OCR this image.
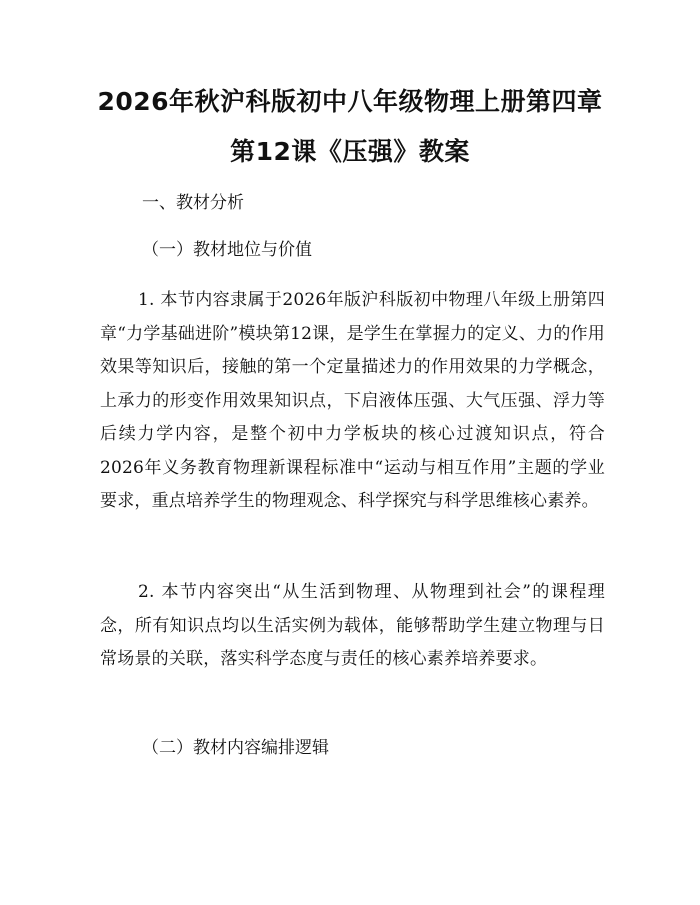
2026年秋沪科版初中八年级物理上册第四章
第12课《压强》教案
一、教材分析
（一）教材地位与价值
1. 本节内容隶属于2026年版沪科版初中物理八年级上册第四章“力学基础进阶”模块第12课，是学生在掌握力的定义、力的作用效果等知识后，接触的第一个定量描述力的作用效果的力学概念，上承力的形变作用效果知识点，下启液体压强、大气压强、浮力等后续力学内容，是整个初中力学板块的核心过渡知识点，符合2026年义务教育物理新课程标准中“运动与相互作用”主题的学业要求，重点培养学生的物理观念、科学探究与科学思维核心素养。
2. 本节内容突出“从生活到物理、从物理到社会”的课程理念，所有知识点均以生活实例为载体，能够帮助学生建立物理与日常场景的关联，落实科学态度与责任的核心素养培养要求。
（二）教材内容编排逻辑
